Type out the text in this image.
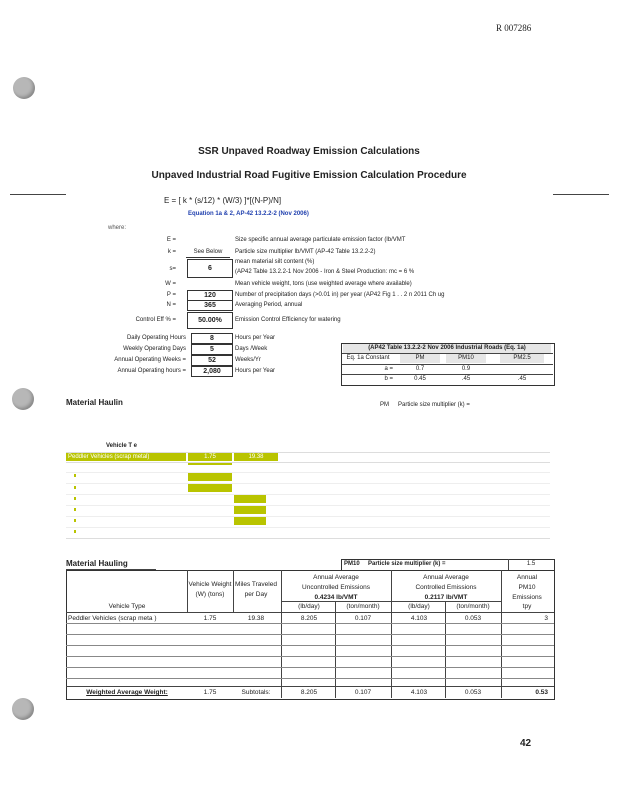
R 007286
SSR Unpaved Roadway Emission Calculations
Unpaved Industrial Road Fugitive Emission Calculation Procedure
E = [ k * (s/12) * (W/3) ]*[(N-P)/N]
Equation 1a & 2, AP-42 13.2.2-2 (Nov 2006)
where:
E =	Size specific annual average particulate emission factor (lb/VMT
k =	See Below	Particle size multiplier lb/VMT (AP-42 Table 13.2.2-2)
s=	6
mean material silt content (%)
(AP42 Table 13.2.2-1 Nov 2006 - Iron & Steel Production: mc = 6 %
W =	Mean vehicle weight, tons (use weighted average where available)
P =	120	Number of precipitation days (>0.01 in) per year (AP42 Fig 1 . . 2 n 2011 Ch ug
N =	365	Averaging Period, annual
Control Eff % =	50.00%	Emission Control Efficiency for watering
Daily Operating Hours	8	Hours per Year
Weekly Operating Days	5	Days /Week
Annual Operating Weeks =	52	Weeks/Yr
Annual Operating hours =	2,080	Hours per Year
(AP42 Table 13.2.2-2 Nov 2006 Industrial Roads (Eq. 1a)
Eq. 1a Constant	PM	PM10	PM2.5
a =	0.7	0.9
b =	0.45	.45	.45
Material Haulin	PM Particle size multiplier (k) =
Vehicle T e
Peddler Vehicles (scrap metal)	1.75	19.38
Material Hauling	PM10 Particle size multiplier (k) =	1.5
Annual Average
Uncontrolled Emissions
0.4234 lb/VMT
Annual Average
Controlled Emissions
0.2117 lb/VMT
Annual
PM10
Emissions
Vehicle Weight (W) (tons)
Miles Traveled per Day
Vehicle Type	(lb/day)	(ton/month)	(lb/day)	(ton/month)	tpy
Peddler Vehicles (scrap meta )	1.75	19.38	8.205	0.107	4.103	0.053	3
Weighted Average Weight:	1.75	Subtotals:	8.205	0.107	4.103	0.053	0.53
42
